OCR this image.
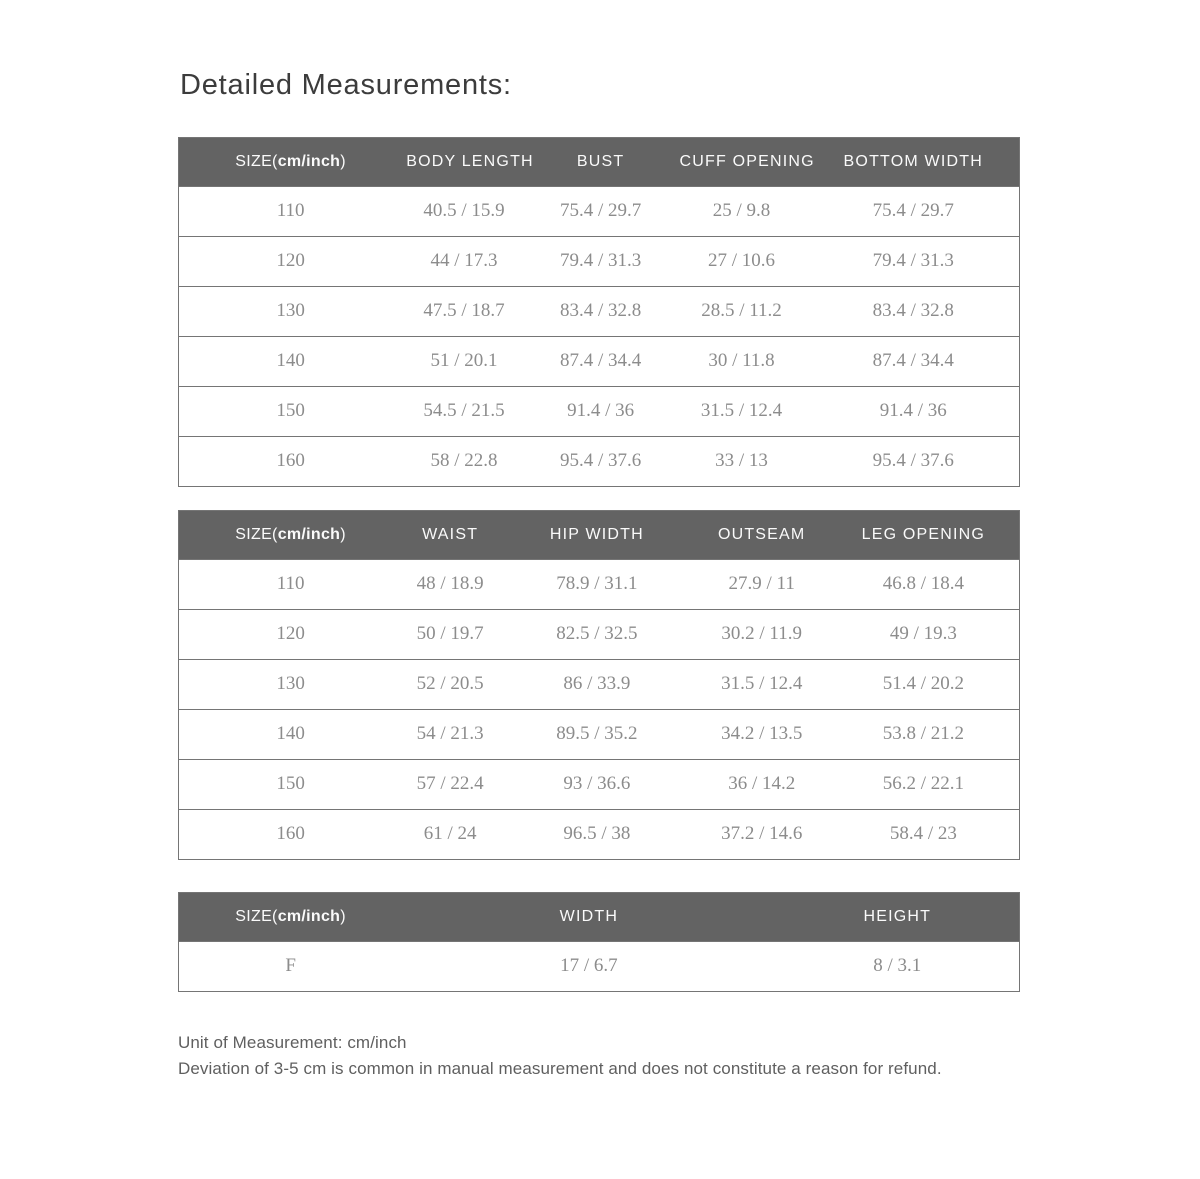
Detailed Measurements:
SIZE(cm/inch)	BODY LENGTH	BUST	CUFF OPENING	BOTTOM WIDTH
110	40.5 / 15.9	75.4 / 29.7	25 / 9.8	75.4 / 29.7
120	44 / 17.3	79.4 / 31.3	27 / 10.6	79.4 / 31.3
130	47.5 / 18.7	83.4 / 32.8	28.5 / 11.2	83.4 / 32.8
140	51 / 20.1	87.4 / 34.4	30 / 11.8	87.4 / 34.4
150	54.5 / 21.5	91.4 / 36	31.5 / 12.4	91.4 / 36
160	58 / 22.8	95.4 / 37.6	33 / 13	95.4 / 37.6
SIZE(cm/inch)	WAIST	HIP WIDTH	OUTSEAM	LEG OPENING
110	48 / 18.9	78.9 / 31.1	27.9 / 11	46.8 / 18.4
120	50 / 19.7	82.5 / 32.5	30.2 / 11.9	49 / 19.3
130	52 / 20.5	86 / 33.9	31.5 / 12.4	51.4 / 20.2
140	54 / 21.3	89.5 / 35.2	34.2 / 13.5	53.8 / 21.2
150	57 / 22.4	93 / 36.6	36 / 14.2	56.2 / 22.1
160	61 / 24	96.5 / 38	37.2 / 14.6	58.4 / 23
SIZE(cm/inch)	WIDTH	HEIGHT
F	17 / 6.7	8 / 3.1

Unit of Measurement: cm/inch

Deviation of 3-5 cm is common in manual measurement and does not constitute a reason for refund.
